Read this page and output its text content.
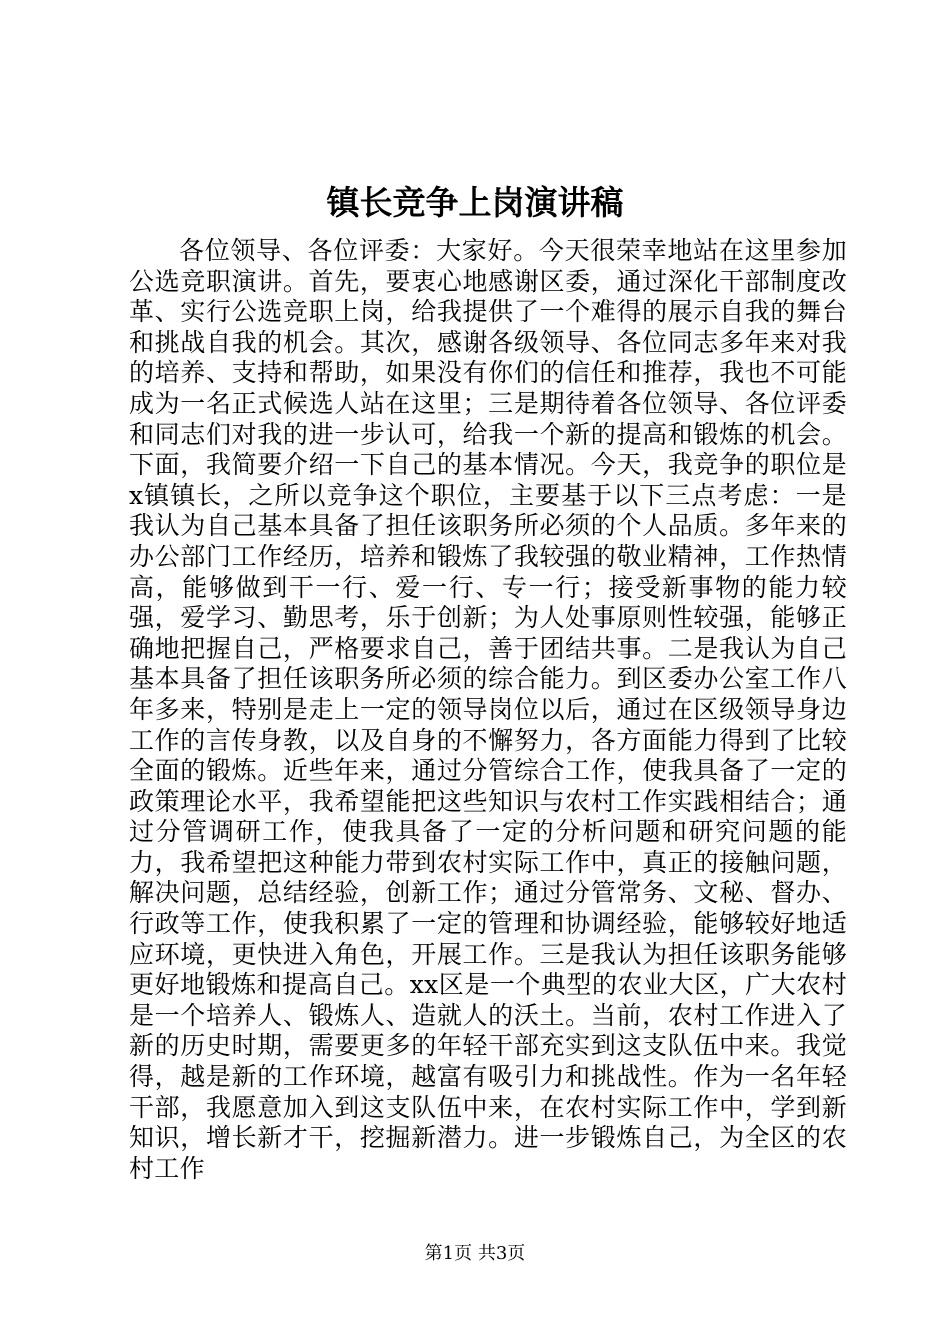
镇长竞争上岗演讲稿

各位领导、各位评委：大家好。今天很荣幸地站在这里参加公选竞职演讲。首先，要衷心地感谢区委，通过深化干部制度改革、实行公选竞职上岗，给我提供了一个难得的展示自我的舞台和挑战自我的机会。其次，感谢各级领导、各位同志多年来对我的培养、支持和帮助，如果没有你们的信任和推荐，我也不可能成为一名正式候选人站在这里；三是期待着各位领导、各位评委和同志们对我的进一步认可，给我一个新的提高和锻炼的机会。下面，我简要介绍一下自己的基本情况。今天，我竞争的职位是x镇镇长，之所以竞争这个职位，主要基于以下三点考虑：一是我认为自己基本具备了担任该职务所必须的个人品质。多年来的办公部门工作经历，培养和锻炼了我较强的敬业精神，工作热情高，能够做到干一行、爱一行、专一行；接受新事物的能力较强，爱学习、勤思考，乐于创新；为人处事原则性较强，能够正确地把握自己，严格要求自己，善于团结共事。二是我认为自己基本具备了担任该职务所必须的综合能力。到区委办公室工作八年多来，特别是走上一定的领导岗位以后，通过在区级领导身边工作的言传身教，以及自身的不懈努力，各方面能力得到了比较全面的锻炼。近些年来，通过分管综合工作，使我具备了一定的政策理论水平，我希望能把这些知识与农村工作实践相结合；通过分管调研工作，使我具备了一定的分析问题和研究问题的能力，我希望把这种能力带到农村实际工作中，真正的接触问题，解决问题，总结经验，创新工作；通过分管常务、文秘、督办、行政等工作，使我积累了一定的管理和协调经验，能够较好地适应环境，更快进入角色，开展工作。三是我认为担任该职务能够更好地锻炼和提高自己。xx区是一个典型的农业大区，广大农村是一个培养人、锻炼人、造就人的沃土。当前，农村工作进入了新的历史时期，需要更多的年轻干部充实到这支队伍中来。我觉得，越是新的工作环境，越富有吸引力和挑战性。作为一名年轻干部，我愿意加入到这支队伍中来，在农村实际工作中，学到新知识，增长新才干，挖掘新潜力。进一步锻炼自己，为全区的农村工作

第1页 共3页
